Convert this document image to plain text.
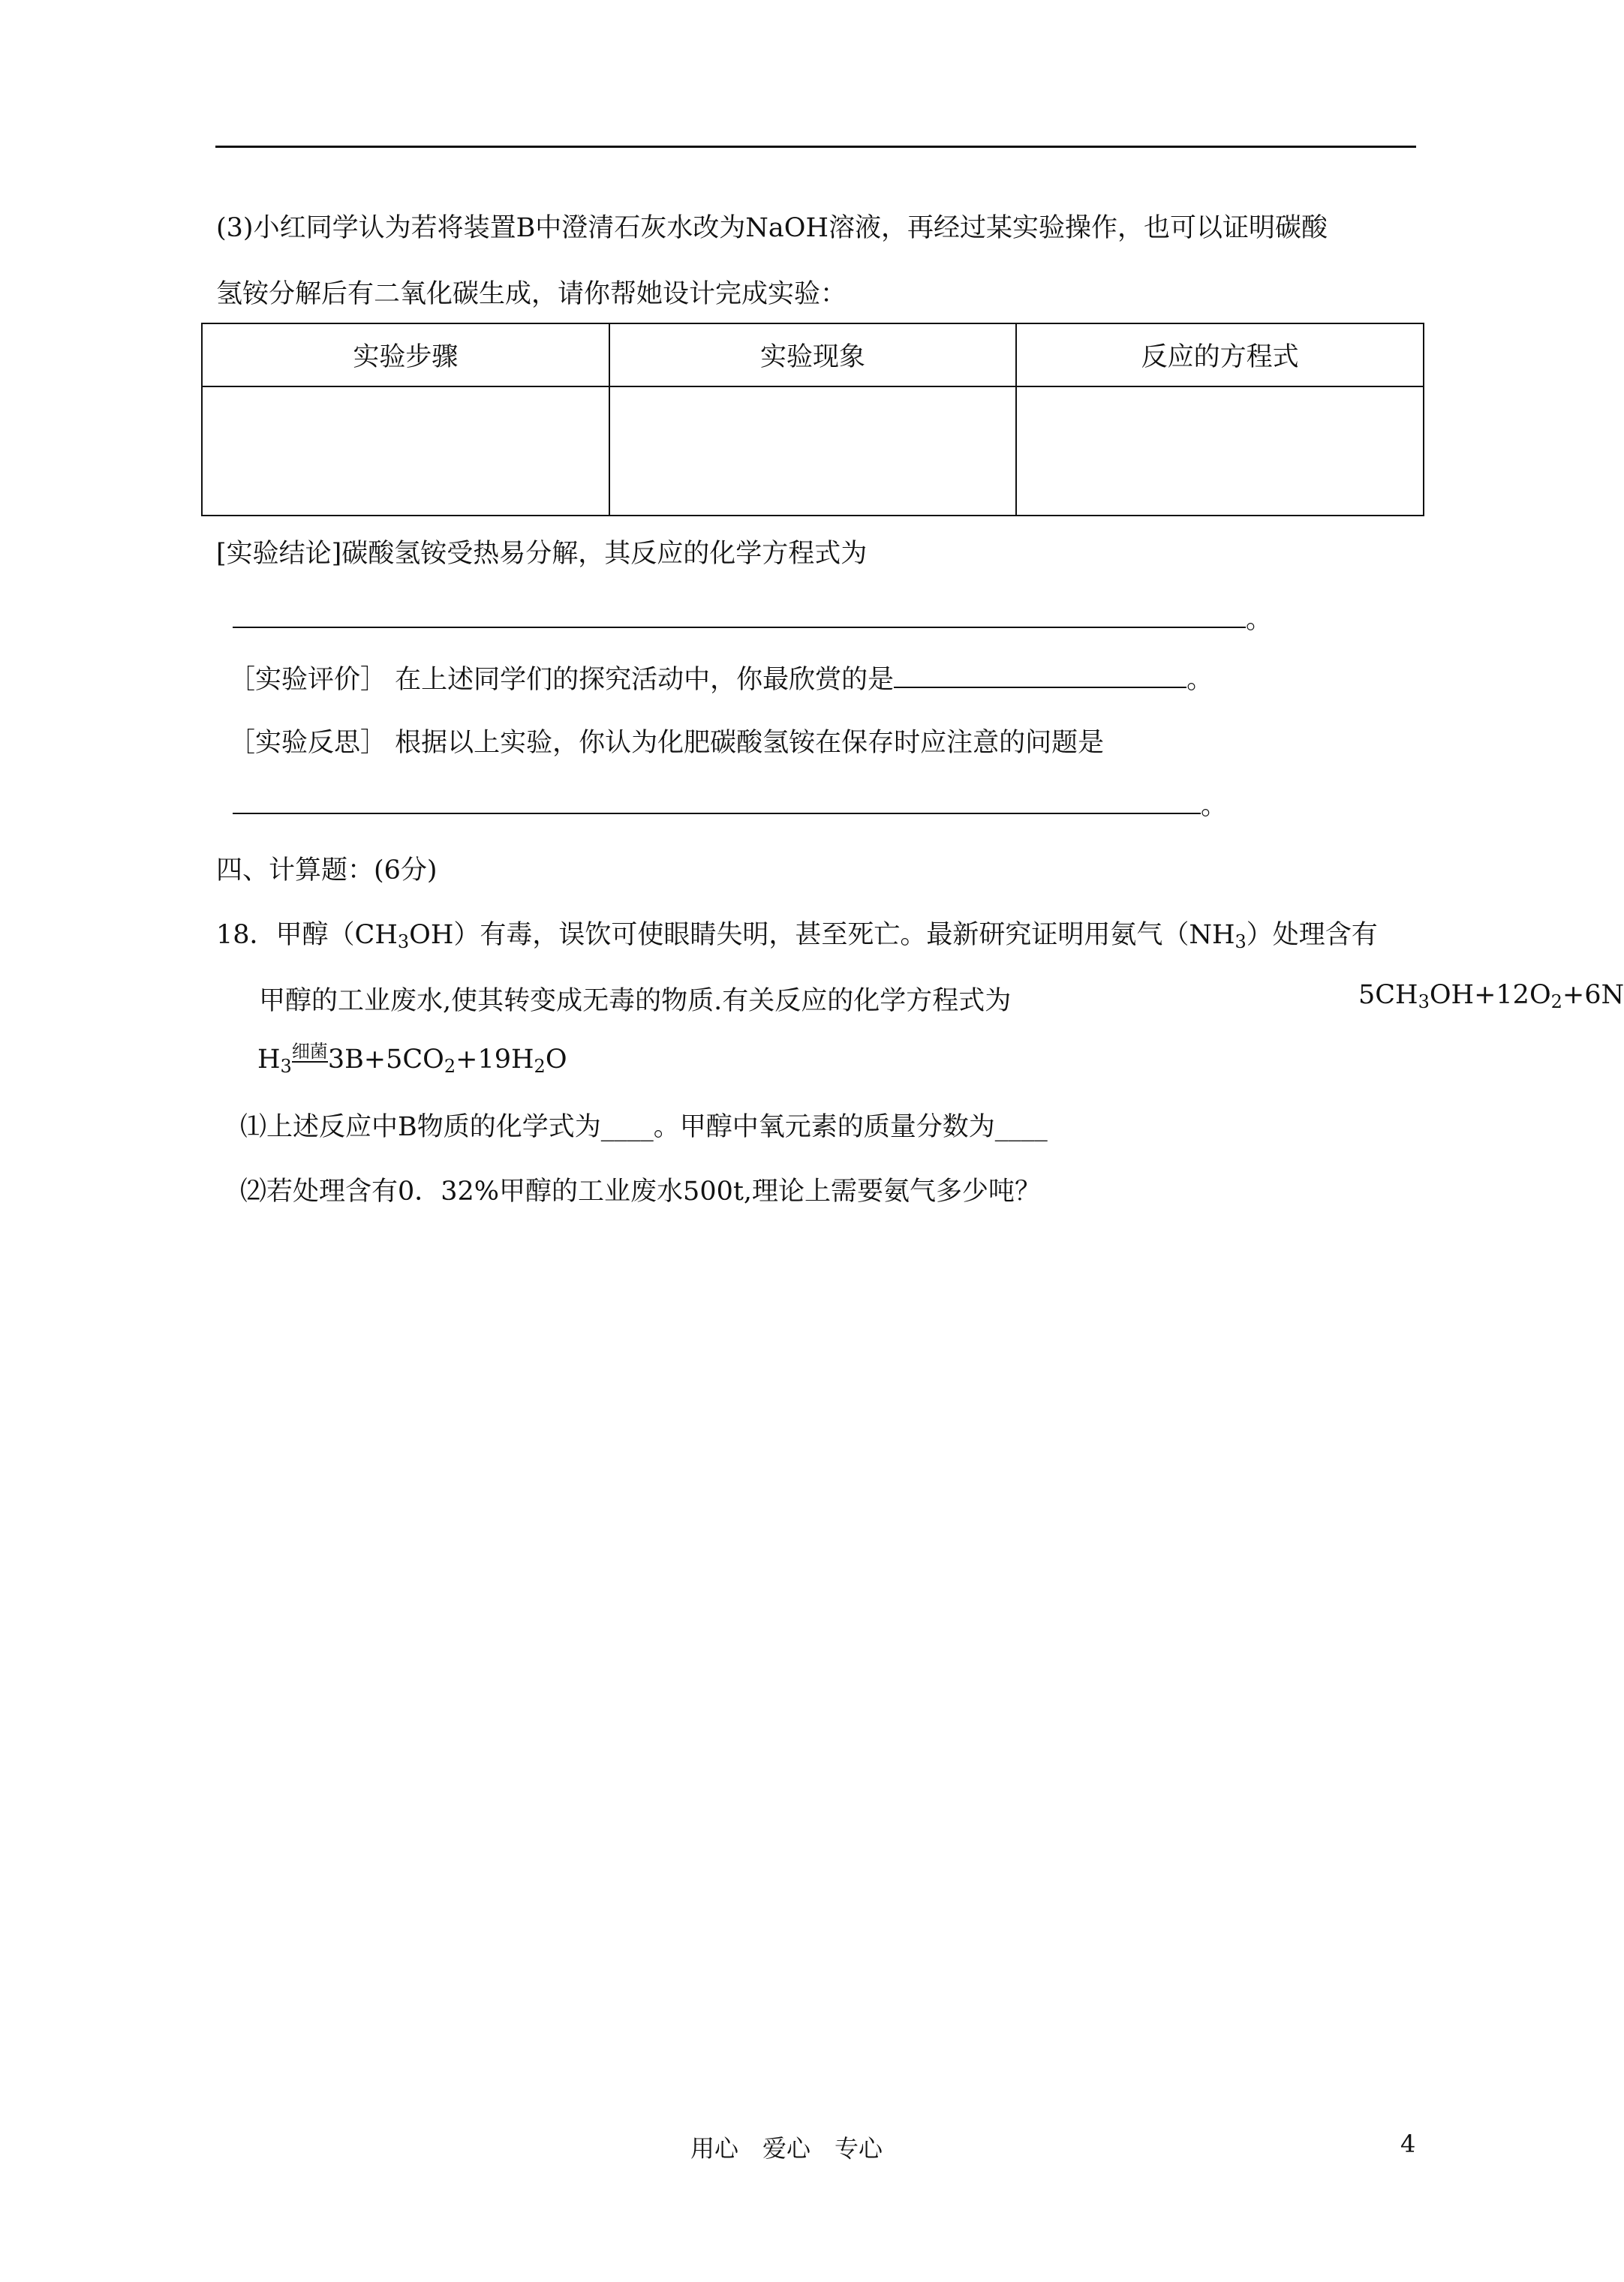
(3)小红同学认为若将装置B中澄清石灰水改为NaOH溶液，再经过某实验操作，也可以证明碳酸
氢铵分解后有二氧化碳生成，请你帮她设计完成实验：
实验步骤	实验现象	反应的方程式

[实验结论]碳酸氢铵受热易分解，其反应的化学方程式为
。
［实验评价］ 在上述同学们的探究活动中，你最欣赏的是	。
［实验反思］ 根据以上实验，你认为化肥碳酸氢铵在保存时应注意的问题是
。
四、计算题：(6分)
18．甲醇$(CH_3OH)$有毒，误饮可使眼睛失明，甚至死亡。最新研究证明用氨气$(NH_3)$处理含有
甲醇的工业废水,使其转变成无毒的物质.有关反应的化学方程式为	$5CH_3OH+12O_2+6N$
$H_3$细菌$3B+5CO_2+19H_2O$
⑴上述反应中B物质的化学式为____。甲醇中氧元素的质量分数为____
⑵若处理含有0．32%甲醇的工业废水500t,理论上需要氨气多少吨？
用心　爱心　专心	4
